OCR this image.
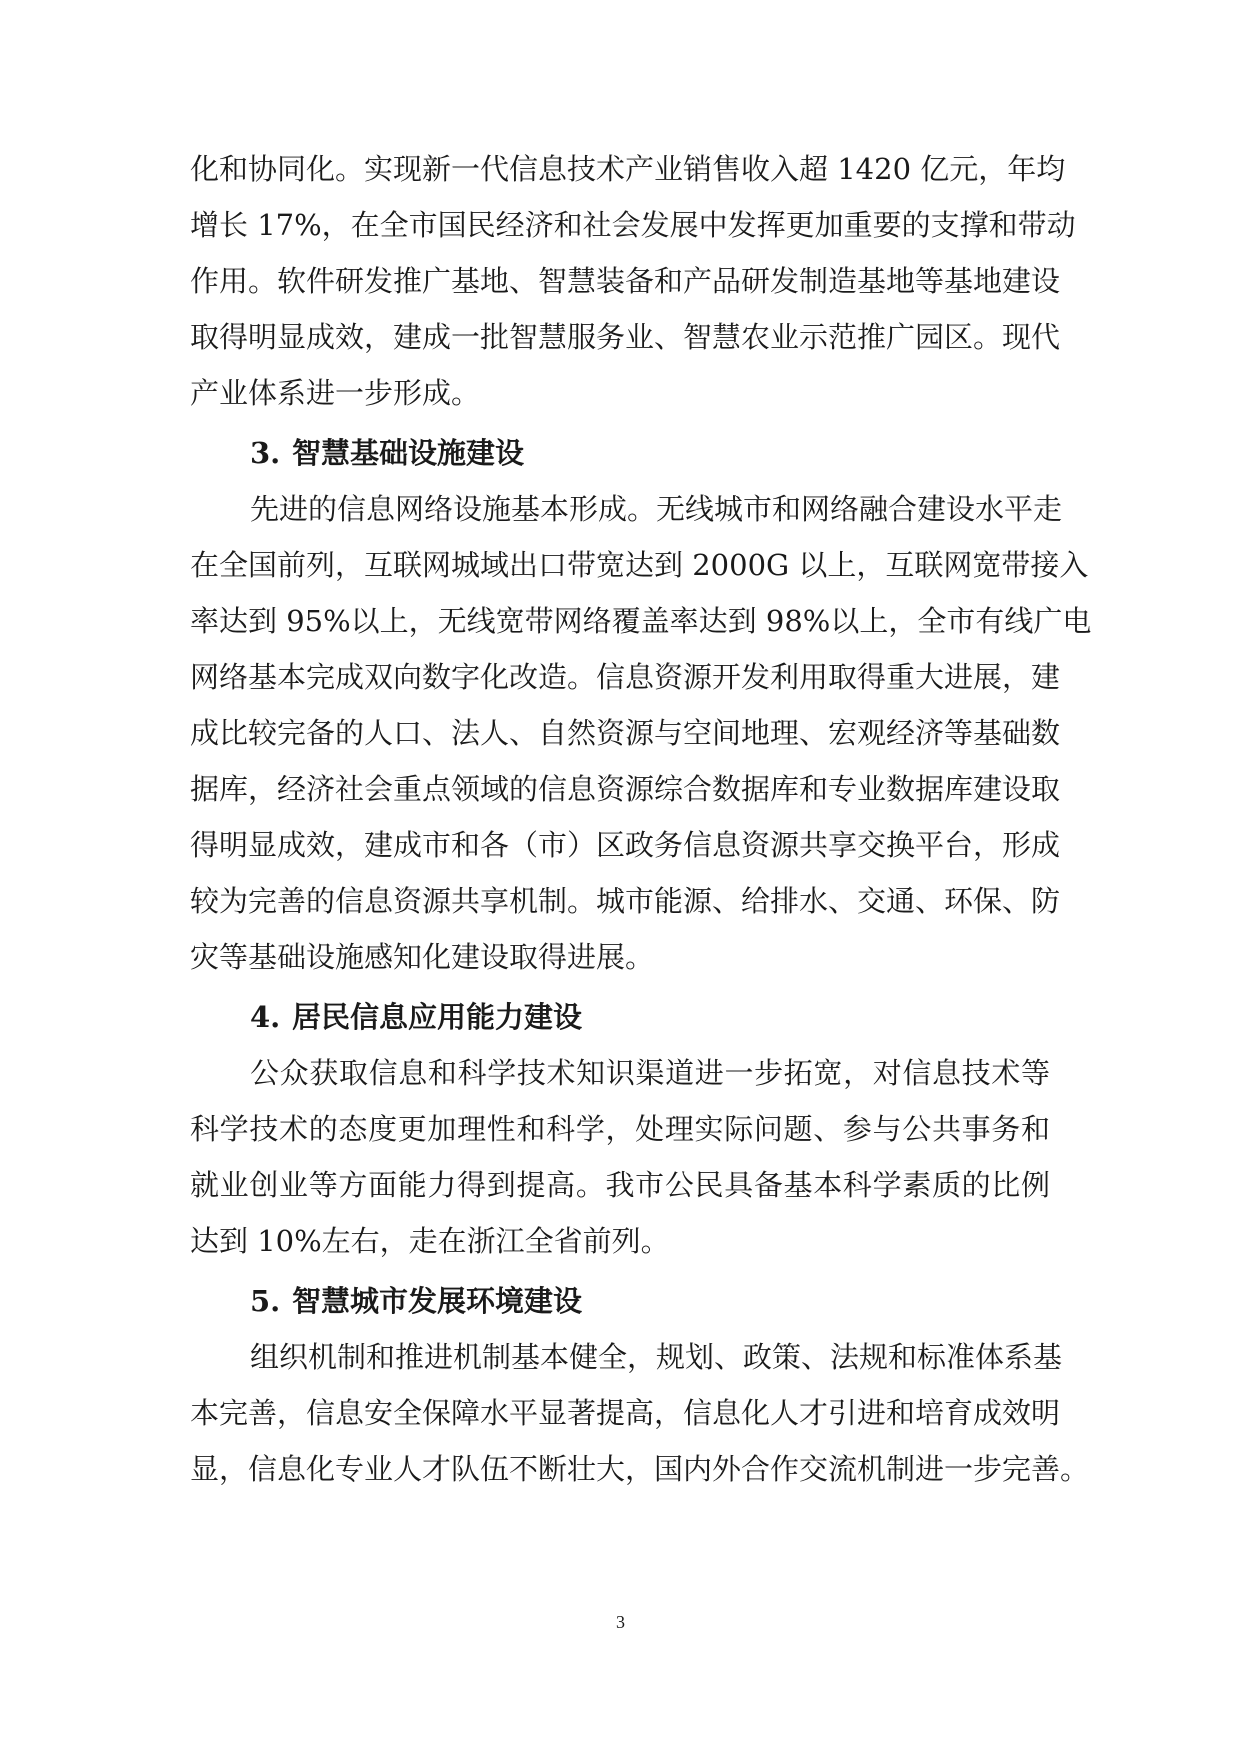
化和协同化。实现新一代信息技术产业销售收入超 1420 亿元，年均
增长 17%，在全市国民经济和社会发展中发挥更加重要的支撑和带动
作用。软件研发推广基地、智慧装备和产品研发制造基地等基地建设
取得明显成效，建成一批智慧服务业、智慧农业示范推广园区。现代
产业体系进一步形成。
3. 智慧基础设施建设
先进的信息网络设施基本形成。无线城市和网络融合建设水平走
在全国前列，互联网城域出口带宽达到 2000G 以上，互联网宽带接入
率达到 95%以上，无线宽带网络覆盖率达到 98%以上，全市有线广电
网络基本完成双向数字化改造。信息资源开发利用取得重大进展，建
成比较完备的人口、法人、自然资源与空间地理、宏观经济等基础数
据库，经济社会重点领域的信息资源综合数据库和专业数据库建设取
得明显成效，建成市和各（市）区政务信息资源共享交换平台，形成
较为完善的信息资源共享机制。城市能源、给排水、交通、环保、防
灾等基础设施感知化建设取得进展。
4. 居民信息应用能力建设
公众获取信息和科学技术知识渠道进一步拓宽，对信息技术等
科学技术的态度更加理性和科学，处理实际问题、参与公共事务和
就业创业等方面能力得到提高。我市公民具备基本科学素质的比例
达到 10%左右，走在浙江全省前列。
5. 智慧城市发展环境建设
组织机制和推进机制基本健全，规划、政策、法规和标准体系基
本完善，信息安全保障水平显著提高，信息化人才引进和培育成效明
显，信息化专业人才队伍不断壮大，国内外合作交流机制进一步完善。
3
